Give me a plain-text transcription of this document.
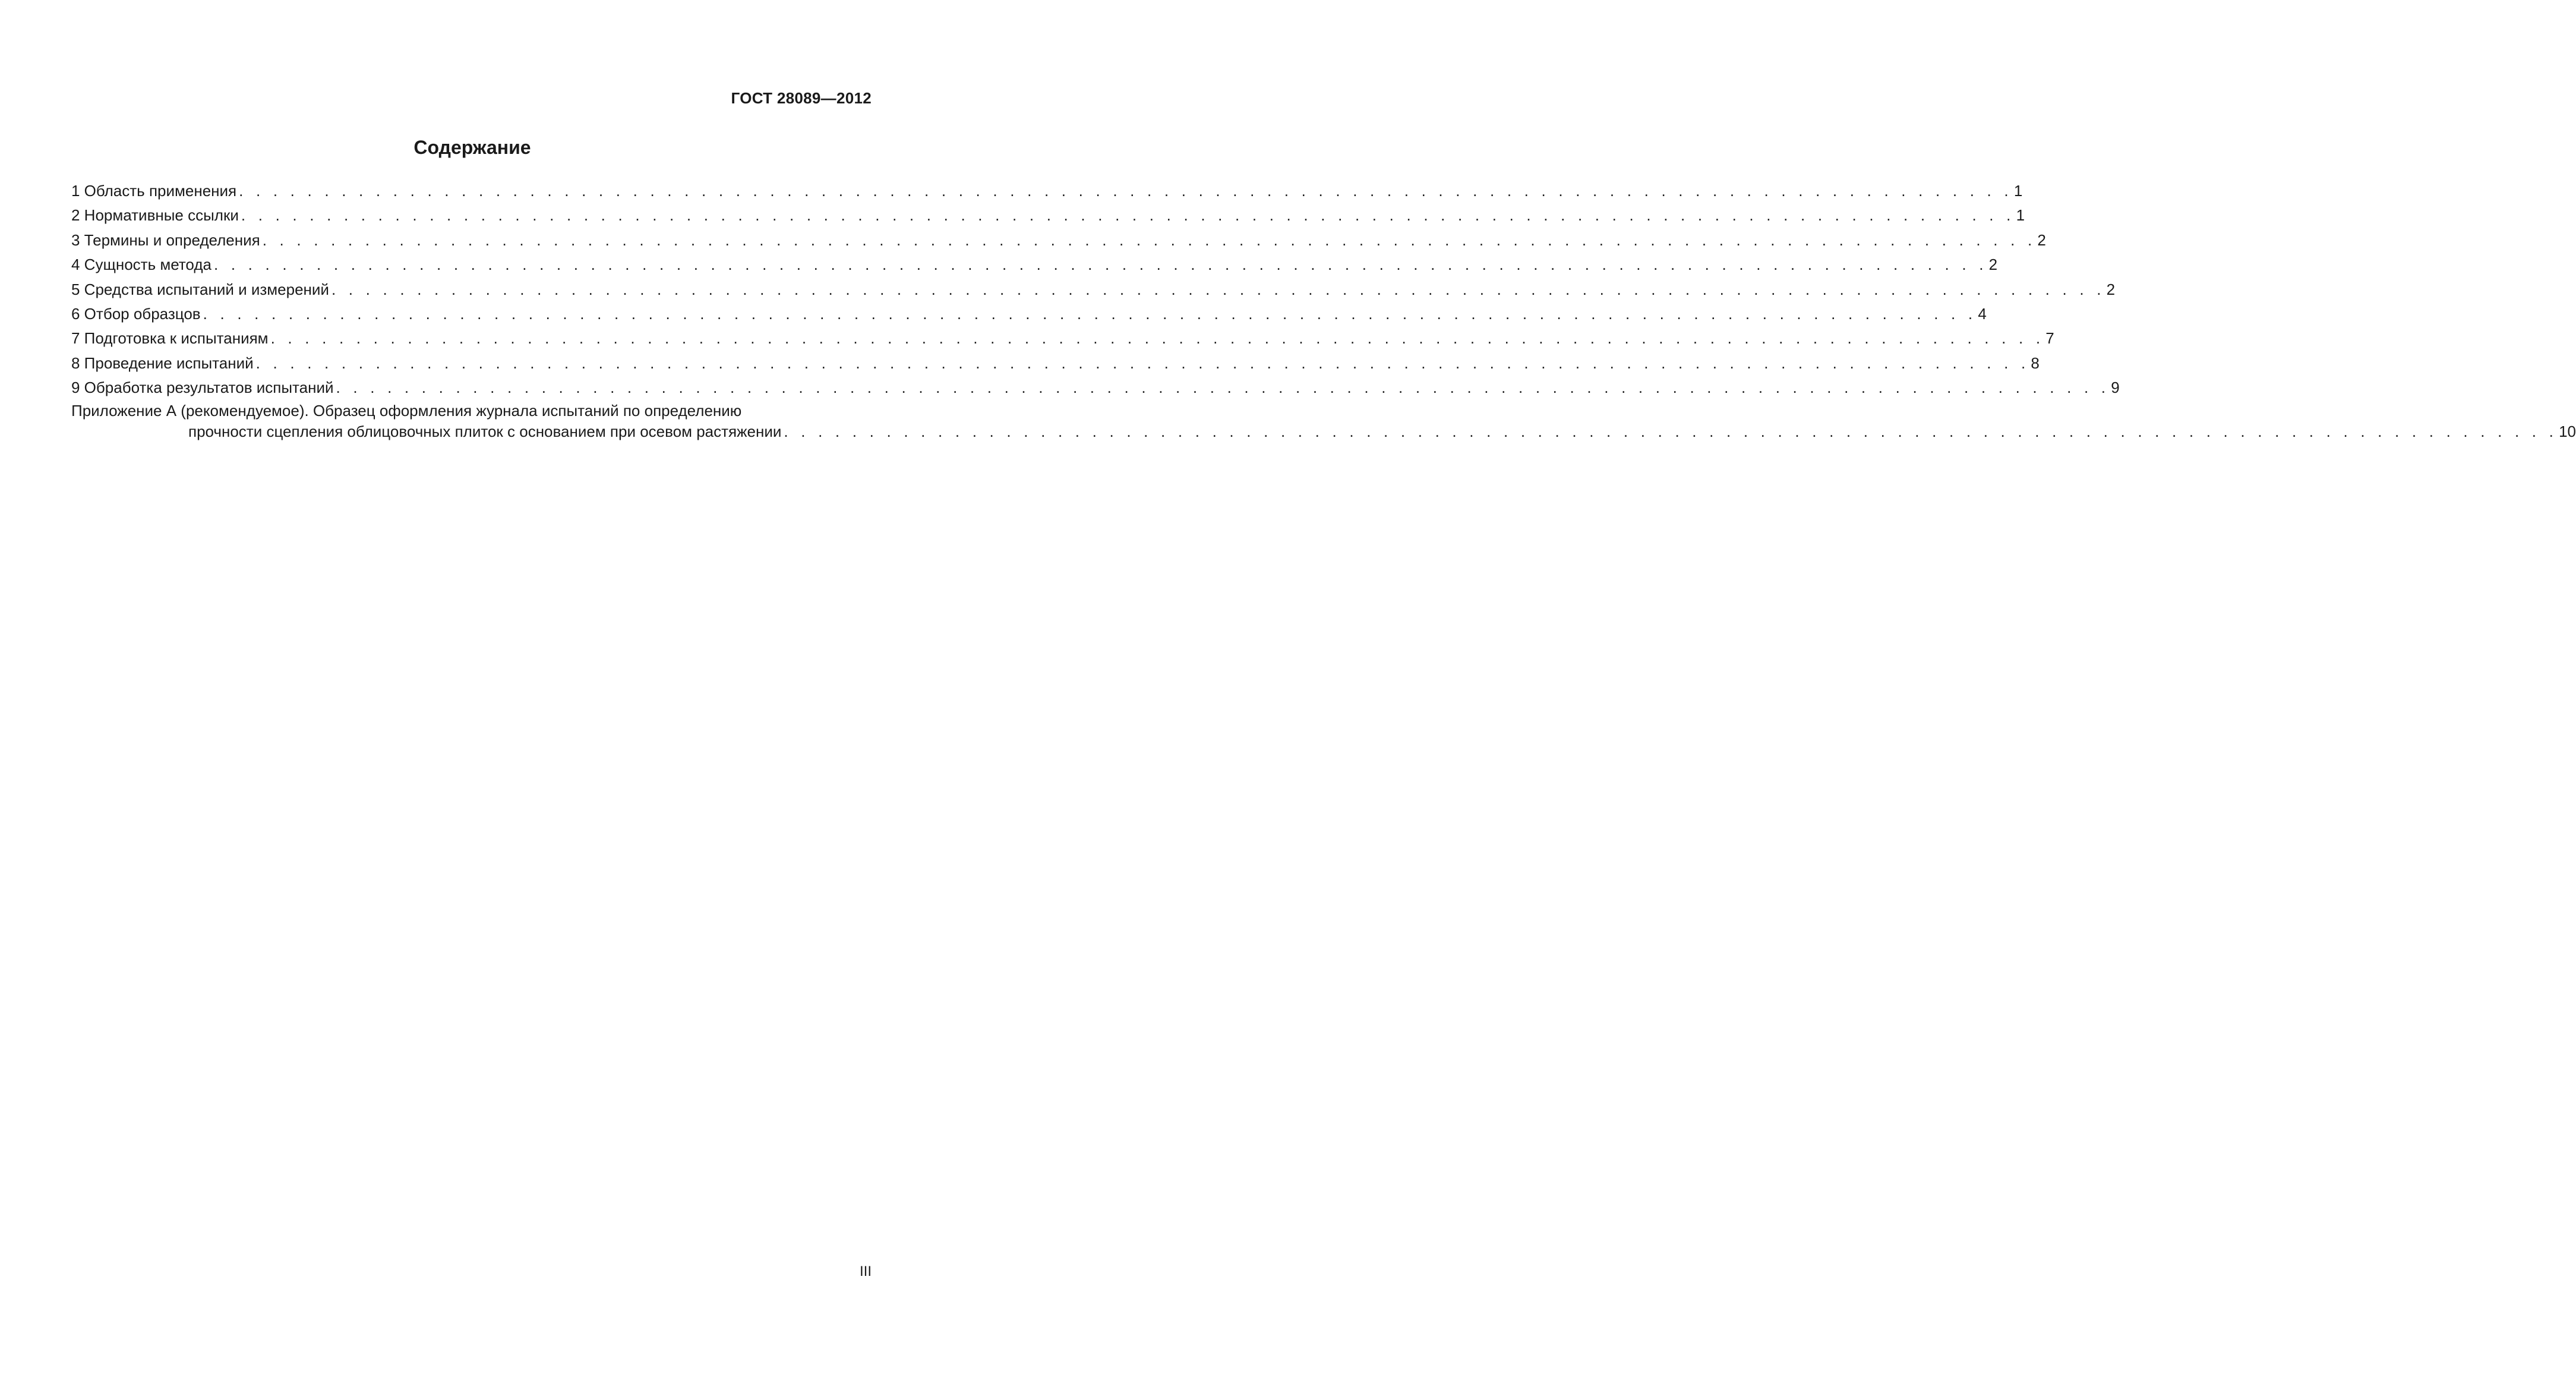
ГОСТ 28089—2012
Содержание
1 Область применения . . . . . . . . . . . . . . . . . . . . . . . . . . . . . . . . . . . . . . . . . . . . . . . . . . . . . . . . . . . . . . . . . . . . . . . . . . . . . . . . . . . . . . . . . . . . . . . . . . . . . . . . 1
2 Нормативные ссылки . . . . . . . . . . . . . . . . . . . . . . . . . . . . . . . . . . . . . . . . . . . . . . . . . . . . . . . . . . . . . . . . . . . . . . . . . . . . . . . . . . . . . . . . . . . . . . . . . . . . . . . . 1
3 Термины и определения . . . . . . . . . . . . . . . . . . . . . . . . . . . . . . . . . . . . . . . . . . . . . . . . . . . . . . . . . . . . . . . . . . . . . . . . . . . . . . . . . . . . . . . . . . . . . . . . . . . . . . . . 2
4 Сущность метода . . . . . . . . . . . . . . . . . . . . . . . . . . . . . . . . . . . . . . . . . . . . . . . . . . . . . . . . . . . . . . . . . . . . . . . . . . . . . . . . . . . . . . . . . . . . . . . . . . . . . . . . 2
5 Средства испытаний и измерений . . . . . . . . . . . . . . . . . . . . . . . . . . . . . . . . . . . . . . . . . . . . . . . . . . . . . . . . . . . . . . . . . . . . . . . . . . . . . . . . . . . . . . . . . . . . . . . . . . . . . . . . 2
6 Отбор образцов . . . . . . . . . . . . . . . . . . . . . . . . . . . . . . . . . . . . . . . . . . . . . . . . . . . . . . . . . . . . . . . . . . . . . . . . . . . . . . . . . . . . . . . . . . . . . . . . . . . . . . . . 4
7 Подготовка к испытаниям . . . . . . . . . . . . . . . . . . . . . . . . . . . . . . . . . . . . . . . . . . . . . . . . . . . . . . . . . . . . . . . . . . . . . . . . . . . . . . . . . . . . . . . . . . . . . . . . . . . . . . . . 7
8 Проведение испытаний . . . . . . . . . . . . . . . . . . . . . . . . . . . . . . . . . . . . . . . . . . . . . . . . . . . . . . . . . . . . . . . . . . . . . . . . . . . . . . . . . . . . . . . . . . . . . . . . . . . . . . . . 8
9 Обработка результатов испытаний . . . . . . . . . . . . . . . . . . . . . . . . . . . . . . . . . . . . . . . . . . . . . . . . . . . . . . . . . . . . . . . . . . . . . . . . . . . . . . . . . . . . . . . . . . . . . . . . . . . . . . . . 9
Приложение А (рекомендуемое). Образец оформления журнала испытаний по определению
прочности сцепления облицовочных плиток с основанием при осевом растяжении . . . . . . . . . . . . . . . . . . . . . . . . . . . . . . . . . . . . . . . . . . . . . . . . . . . . . . . . . . . . . . . . . . . . . . . . . . . . . . . . . . . . . . . . . . . . . . . . . . . . . . . . 10
III
